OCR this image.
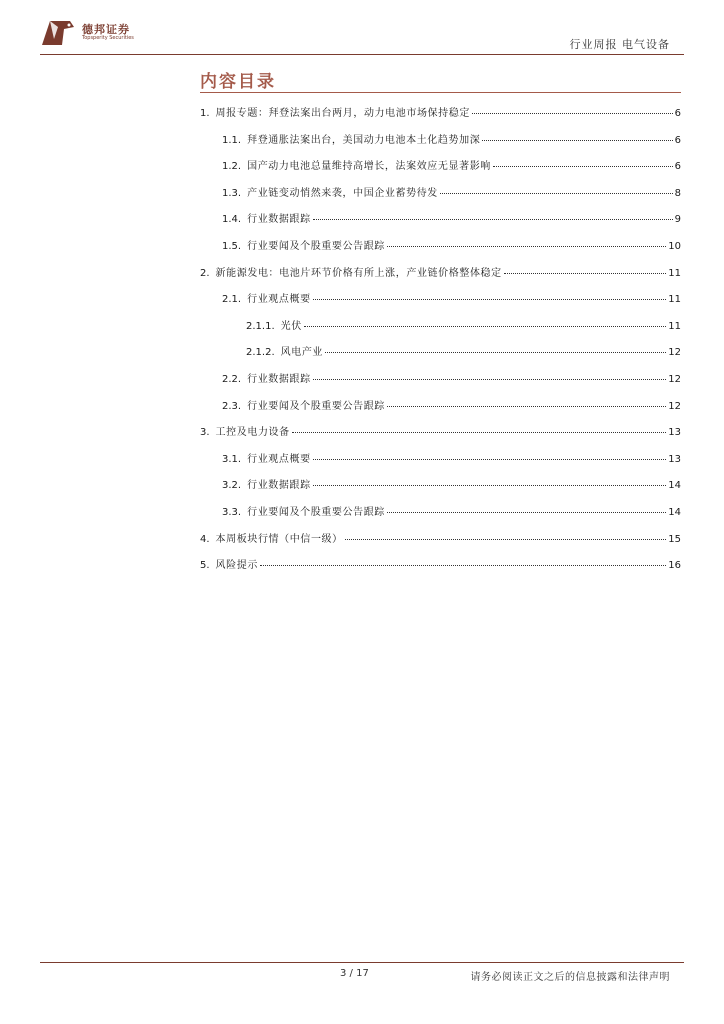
德邦证券
Topsperity Securities	行业周报 电气设备
内容目录
1. 周报专题：拜登法案出台两月，动力电池市场保持稳定	6
1.1. 拜登通胀法案出台，美国动力电池本土化趋势加深	6
1.2. 国产动力电池总量维持高增长，法案效应无显著影响	6
1.3. 产业链变动悄然来袭，中国企业蓄势待发	8
1.4. 行业数据跟踪	9
1.5. 行业要闻及个股重要公告跟踪	10
2. 新能源发电：电池片环节价格有所上涨，产业链价格整体稳定	11
2.1. 行业观点概要	11
2.1.1. 光伏	11
2.1.2. 风电产业	12
2.2. 行业数据跟踪	12
2.3. 行业要闻及个股重要公告跟踪	12
3. 工控及电力设备	13
3.1. 行业观点概要	13
3.2. 行业数据跟踪	14
3.3. 行业要闻及个股重要公告跟踪	14
4. 本周板块行情（中信一级）	15
5. 风险提示	16
3 / 17	请务必阅读正文之后的信息披露和法律声明
